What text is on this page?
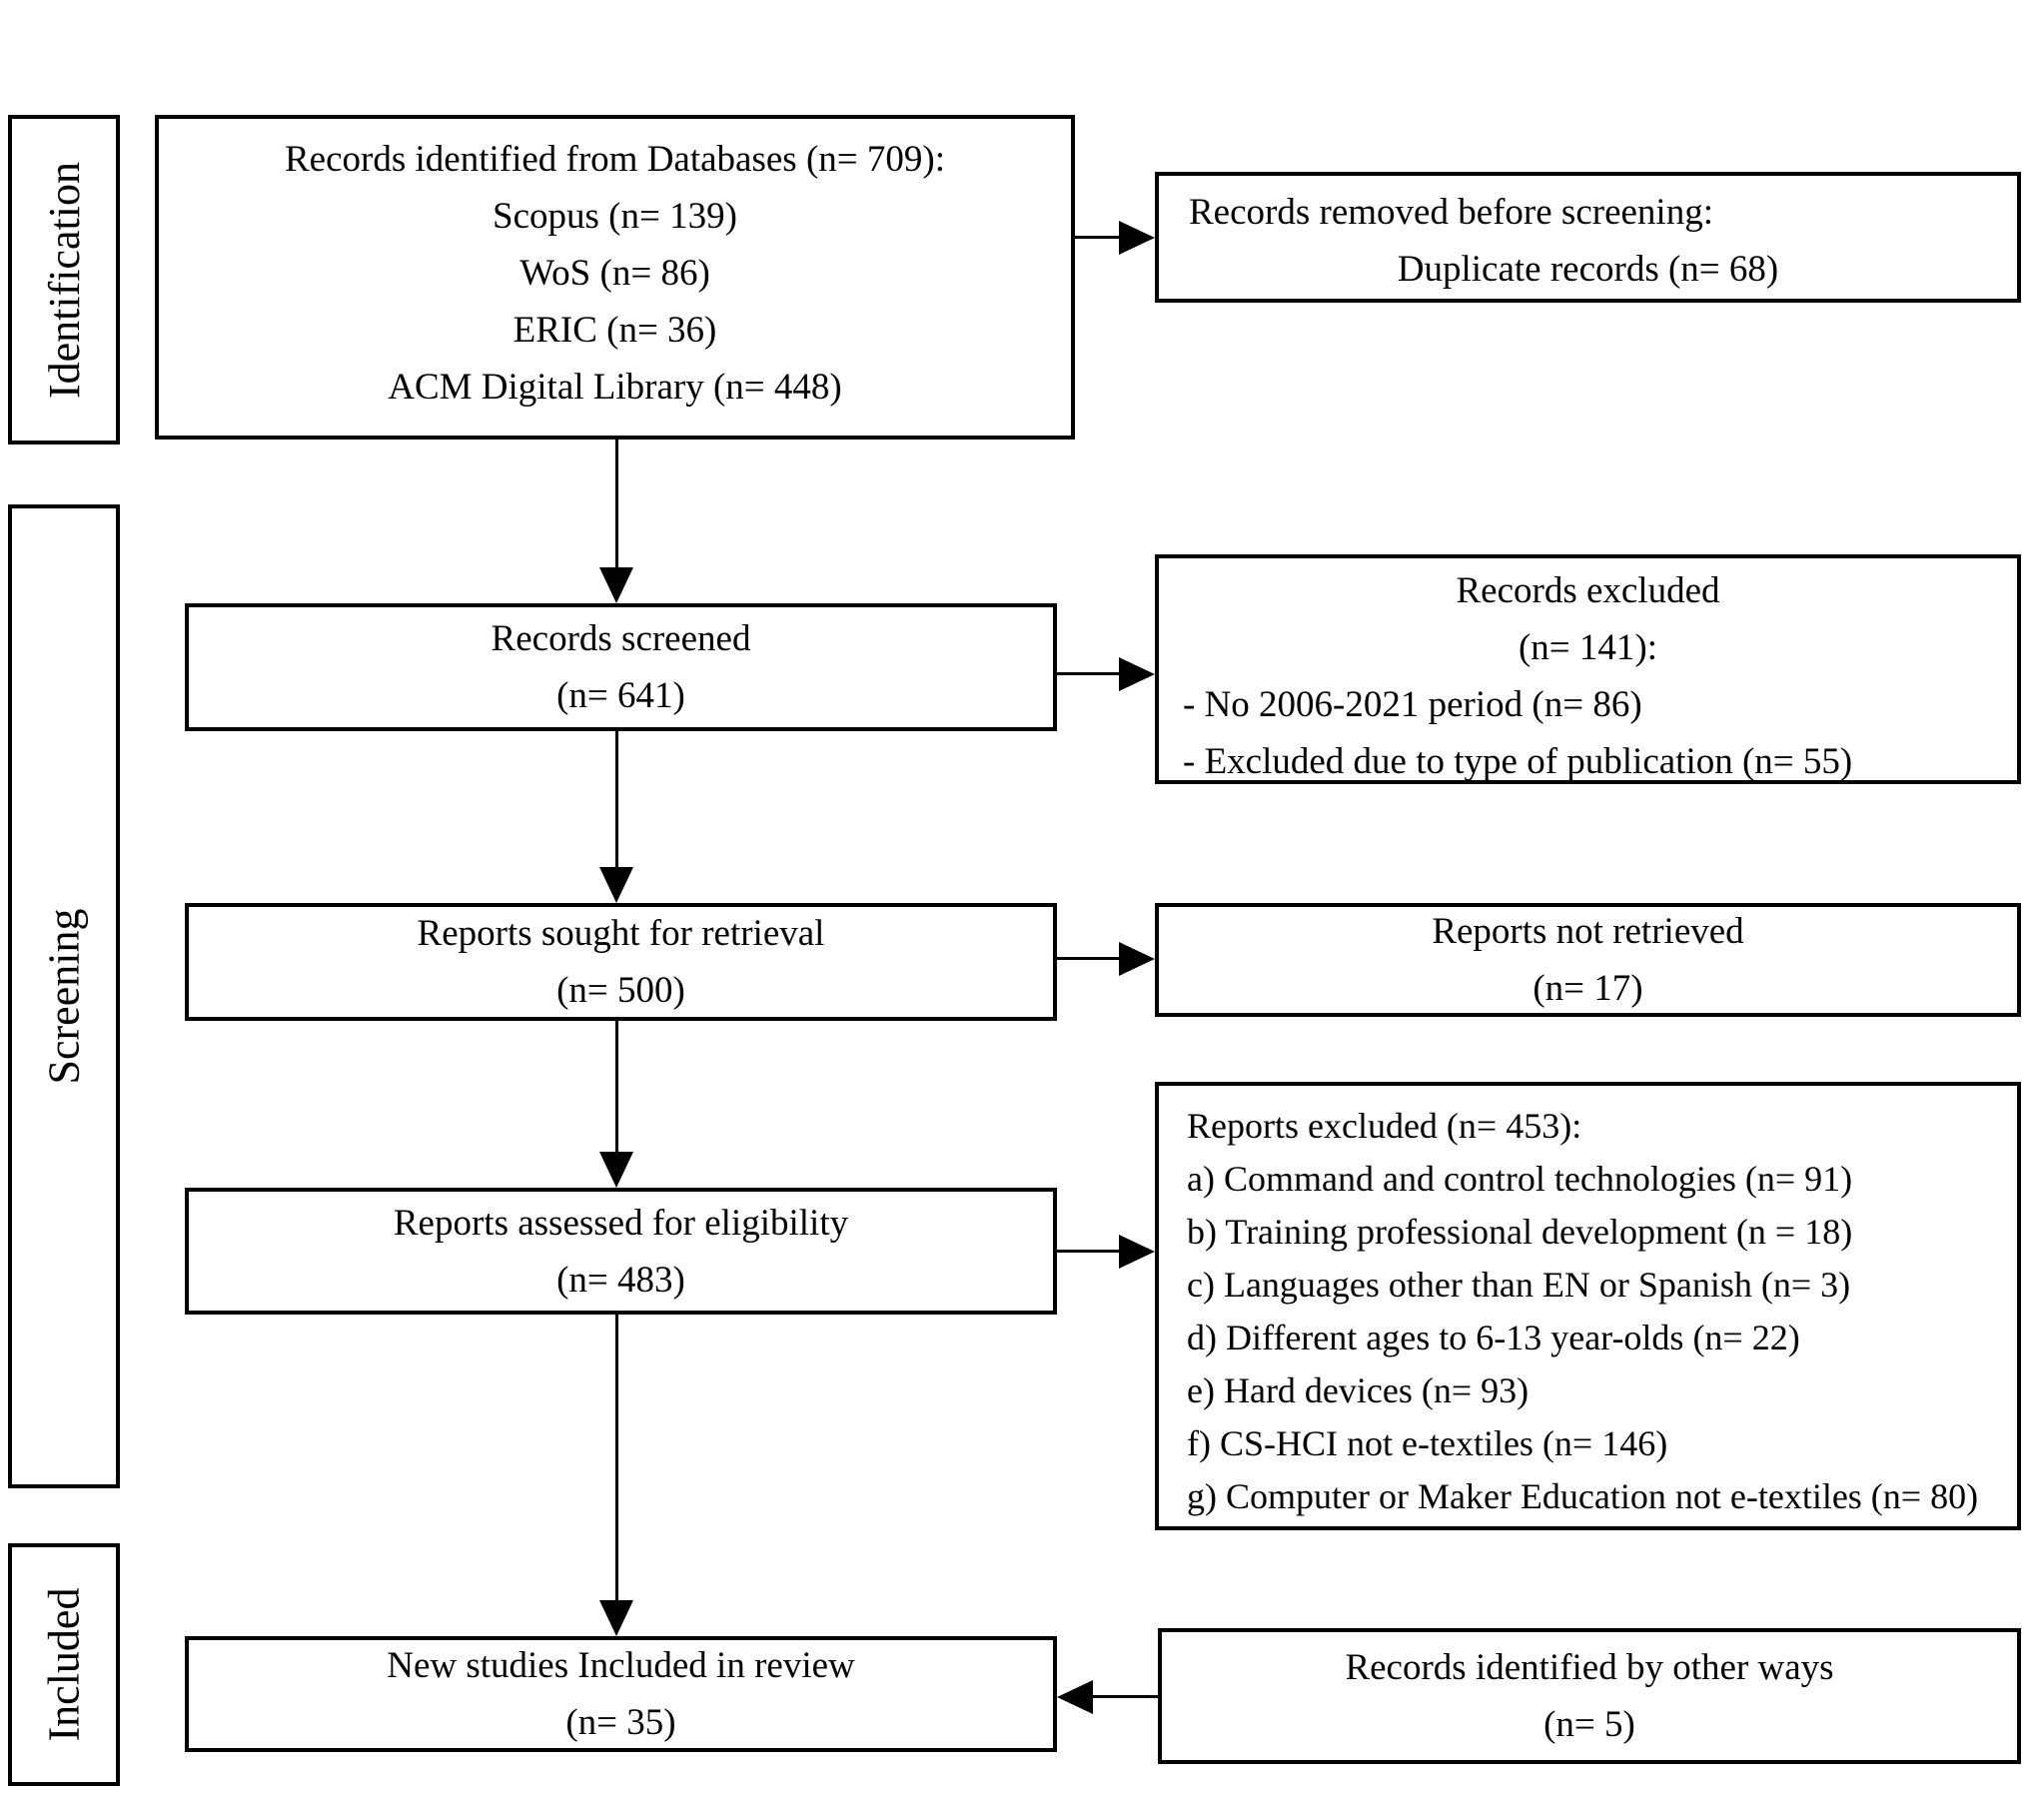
Identification
Screening
Included
Records identified from Databases (n= 709):
Scopus (n= 139)
WoS (n= 86)
ERIC (n= 36)
ACM Digital Library (n= 448)
Records screened
(n= 641)
Reports sought for retrieval
(n= 500)
Reports assessed for eligibility
(n= 483)
New studies Included in review
(n= 35)
Records removed before screening:
Duplicate records (n= 68)
Records excluded
(n= 141):
- No 2006-2021 period (n= 86)
- Excluded due to type of publication (n= 55)
Reports not retrieved
(n= 17)
Reports excluded (n= 453):
a) Command and control technologies (n= 91)
b) Training professional development (n = 18)
c) Languages other than EN or Spanish (n= 3)
d) Different ages to 6-13 year-olds (n= 22)
e) Hard devices (n= 93)
f) CS-HCI not e-textiles (n= 146)
g) Computer or Maker Education not e-textiles (n= 80)
Records identified by other ways
(n= 5)
